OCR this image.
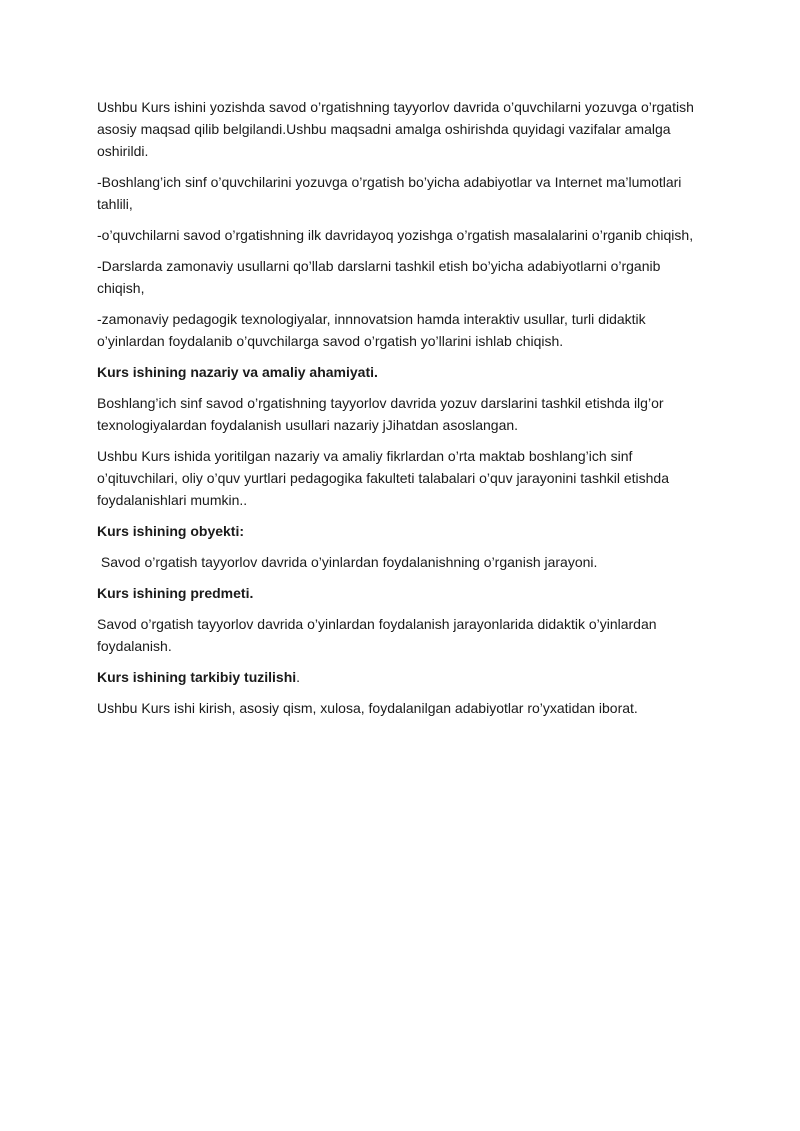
Ushbu Kurs ishini yozishda savod o’rgatishning tayyorlov davrida o’quvchilarni yozuvga o’rgatish asosiy maqsad qilib belgilandi.Ushbu maqsadni amalga oshirishda quyidagi vazifalar amalga oshirildi.

-Boshlang’ich sinf o’quvchilarini yozuvga o’rgatish bo’yicha adabiyotlar va Internet ma’lumotlari tahlili,

-o’quvchilarni savod o’rgatishning ilk davridayoq yozishga o’rgatish masalalarini o’rganib chiqish,

-Darslarda zamonaviy usullarni qo’llab darslarni tashkil etish bo’yicha adabiyotlarni o’rganib chiqish,

-zamonaviy pedagogik texnologiyalar, innnovatsion hamda interaktiv usullar, turli didaktik o’yinlardan foydalanib o’quvchilarga savod o’rgatish yo’llarini ishlab chiqish.

Kurs ishining nazariy va amaliy ahamiyati.

Boshlang’ich sinf savod o’rgatishning tayyorlov davrida yozuv darslarini tashkil etishda ilg’or texnologiyalardan foydalanish usullari nazariy jJihatdan asoslangan.

Ushbu Kurs ishida yoritilgan nazariy va amaliy fikrlardan o’rta maktab boshlang’ich sinf o’qituvchilari, oliy o’quv yurtlari pedagogika fakulteti talabalari o’quv jarayonini tashkil etishda foydalanishlari mumkin..

Kurs ishining obyekti:

Savod o’rgatish tayyorlov davrida o’yinlardan foydalanishning o’rganish jarayoni.

Kurs ishining predmeti.

Savod o’rgatish tayyorlov davrida o’yinlardan foydalanish jarayonlarida didaktik o’yinlardan foydalanish.

Kurs ishining tarkibiy tuzilishi.

Ushbu Kurs ishi kirish, asosiy qism, xulosa, foydalanilgan adabiyotlar ro’yxatidan iborat.
